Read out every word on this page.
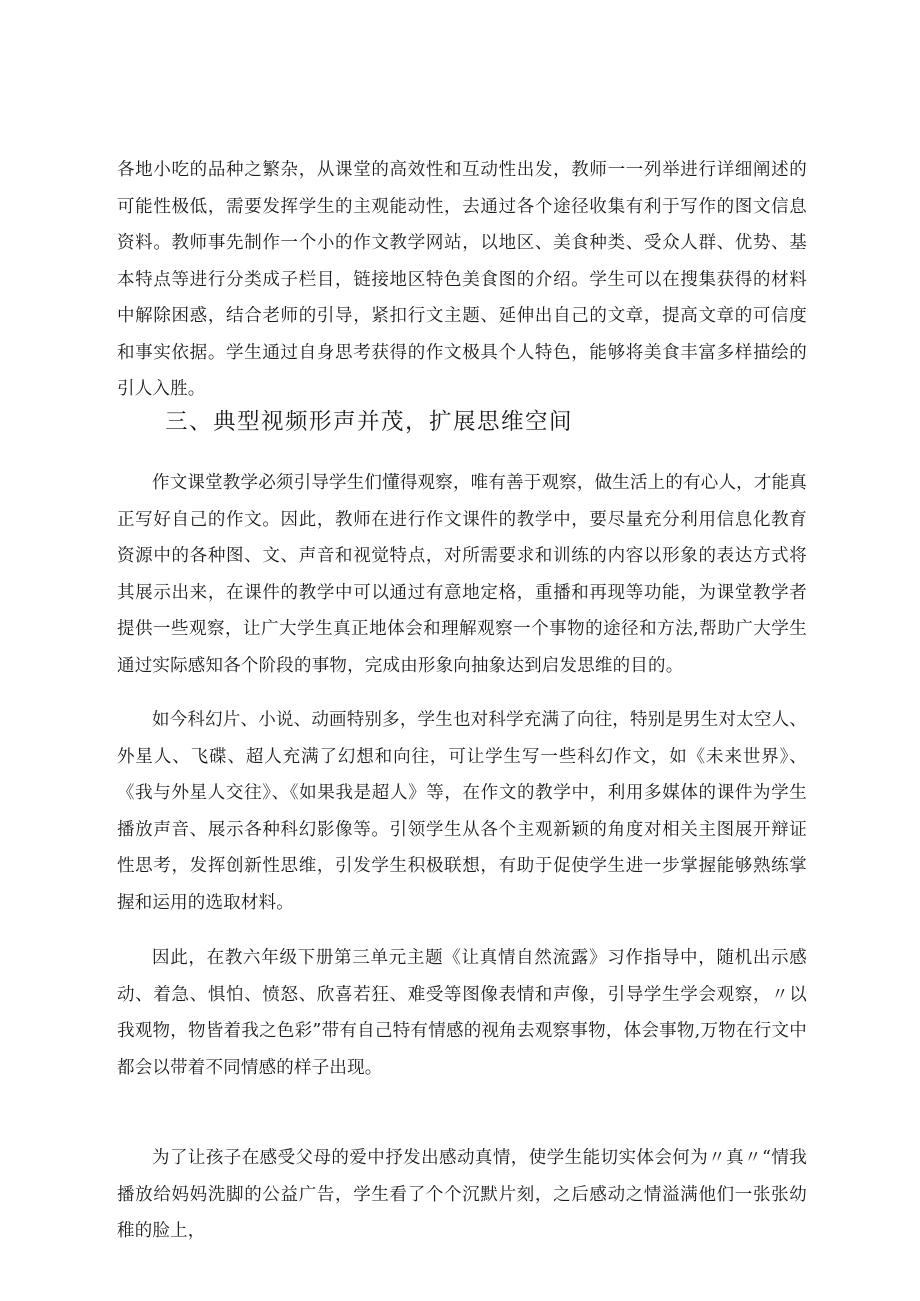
各地小吃的品种之繁杂，从课堂的高效性和互动性出发，教师一一列举进行详细阐述的可能性极低，需要发挥学生的主观能动性，去通过各个途径收集有利于写作的图文信息资料。教师事先制作一个小的作文教学网站，以地区、美食种类、受众人群、优势、基本特点等进行分类成子栏目，链接地区特色美食图的介绍。学生可以在搜集获得的材料中解除困惑，结合老师的引导，紧扣行文主题、延伸出自己的文章，提高文章的可信度和事实依据。学生通过自身思考获得的作文极具个人特色，能够将美食丰富多样描绘的引人入胜。

三、典型视频形声并茂，扩展思维空间

作文课堂教学必须引导学生们懂得观察，唯有善于观察，做生活上的有心人，才能真正写好自己的作文。因此，教师在进行作文课件的教学中，要尽量充分利用信息化教育资源中的各种图、文、声音和视觉特点，对所需要求和训练的内容以形象的表达方式将其展示出来，在课件的教学中可以通过有意地定格，重播和再现等功能，为课堂教学者提供一些观察，让广大学生真正地体会和理解观察一个事物的途径和方法,帮助广大学生通过实际感知各个阶段的事物，完成由形象向抽象达到启发思维的目的。

如今科幻片、小说、动画特别多，学生也对科学充满了向往，特别是男生对太空人、外星人、飞碟、超人充满了幻想和向往，可让学生写一些科幻作文，如《未来世界》、《我与外星人交往》、《如果我是超人》等，在作文的教学中，利用多媒体的课件为学生播放声音、展示各种科幻影像等。引领学生从各个主观新颖的角度对相关主图展开辩证性思考，发挥创新性思维，引发学生积极联想，有助于促使学生进一步掌握能够熟练掌握和运用的选取材料。

因此，在教六年级下册第三单元主题《让真情自然流露》习作指导中，随机出示感动、着急、惧怕、愤怒、欣喜若狂、难受等图像表情和声像，引导学生学会观察，〃以我观物，物皆着我之色彩”带有自己特有情感的视角去观察事物，体会事物,万物在行文中都会以带着不同情感的样子出现。

为了让孩子在感受父母的爱中抒发出感动真情，使学生能切实体会何为〃真〃“情我播放给妈妈洗脚的公益广告，学生看了个个沉默片刻，之后感动之情溢满他们一张张幼稚的脸上，
